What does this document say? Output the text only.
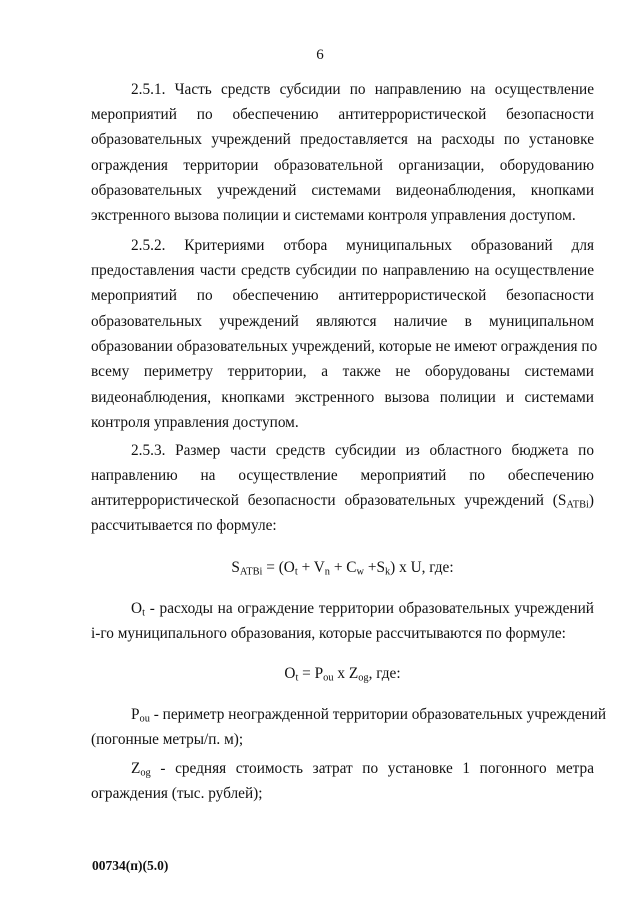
6
2.5.1. Часть средств субсидии по направлению на осуществление
мероприятий по обеспечению антитеррористической безопасности
образовательных учреждений предоставляется на расходы по установке
ограждения территории образовательной организации, оборудованию
образовательных учреждений системами видеонаблюдения, кнопками
экстренного вызова полиции и системами контроля управления доступом.
2.5.2. Критериями отбора муниципальных образований для
предоставления части средств субсидии по направлению на осуществление
мероприятий по обеспечению антитеррористической безопасности
образовательных учреждений являются наличие в муниципальном
образовании образовательных учреждений, которые не имеют ограждения по
всему периметру территории, а также не оборудованы системами
видеонаблюдения, кнопками экстренного вызова полиции и системами
контроля управления доступом.
2.5.3. Размер части средств субсидии из областного бюджета по
направлению на осуществление мероприятий по обеспечению
антитеррористической безопасности образовательных учреждений $(S_{ATBi})$
рассчитывается по формуле:
$S_{ATBi} = (O_t + V_n + C_w +S_k)$ x U, где:
$O_t$ - расходы на ограждение территории образовательных учреждений
i-го муниципального образования, которые рассчитываются по формуле:
$O_t = P_{ou}$ x $Z_{og}$, где:
$P_{ou}$ - периметр неогражденной территории образовательных учреждений
(погонные метры/п. м);
$Z_{og}$ - средняя стоимость затрат по установке 1 погонного метра
ограждения (тыс. рублей);
00734(п)(5.0)
